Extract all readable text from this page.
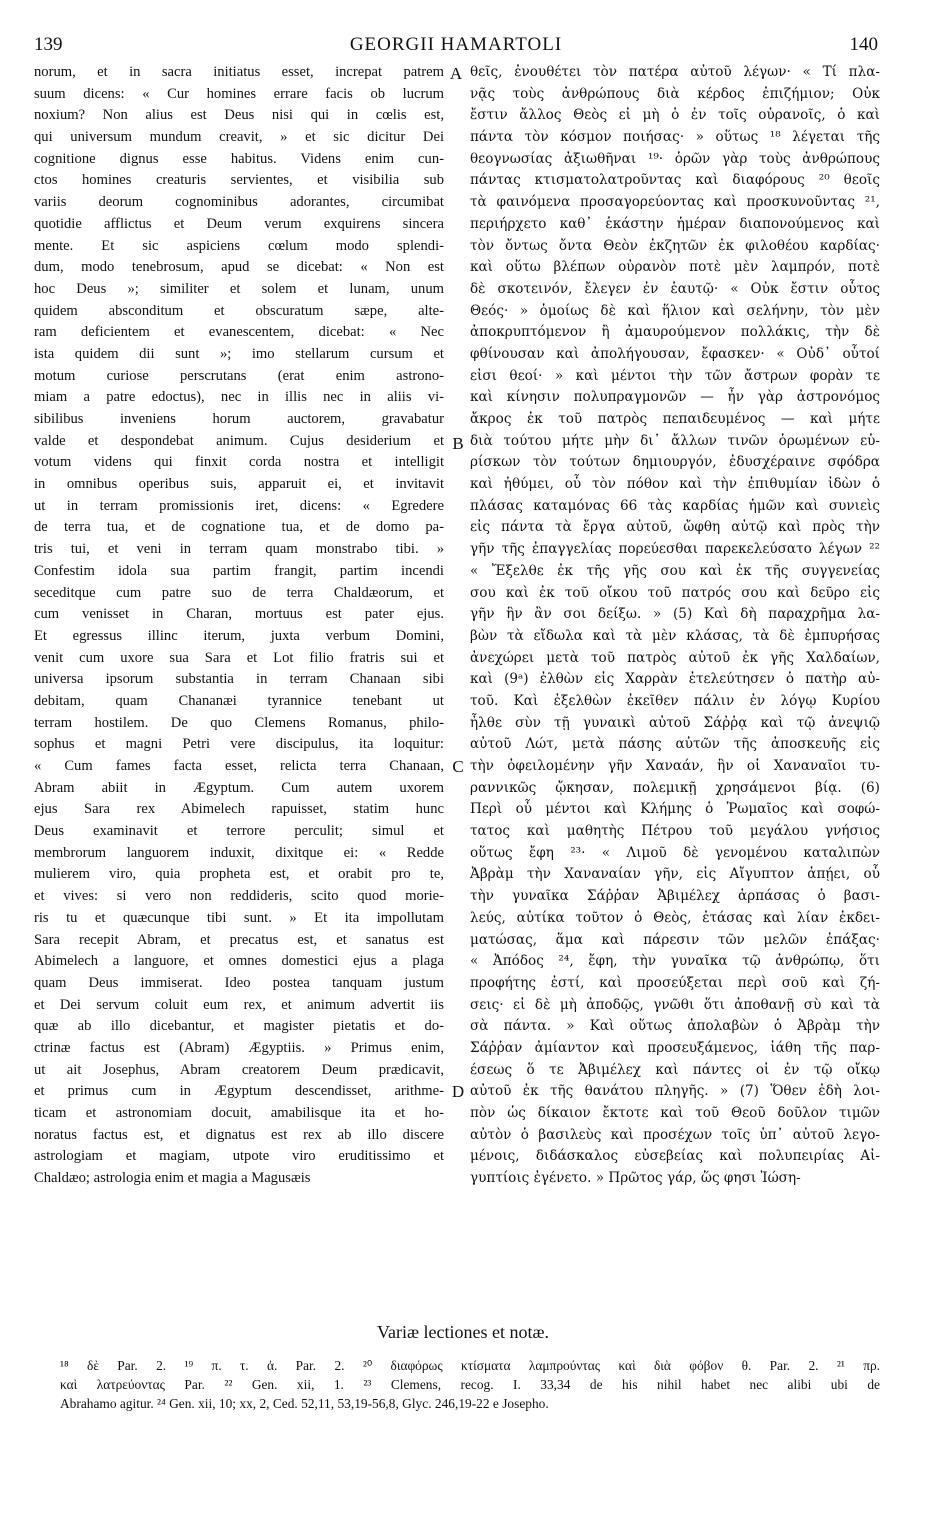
139	GEORGII HAMARTOLI	140
norum, et in sacra initiatus esset, increpat patrem
suum dicens: « Cur homines errare facis ob lucrum
noxium? Non alius est Deus nisi qui in cœlis est,
qui universum mundum creavit, » et sic dicitur Dei
cognitione dignus esse habitus. Videns enim cun-
ctos homines creaturis servientes, et visibilia sub
variis deorum cognominibus adorantes, circumibat
quotidie afflictus et Deum verum exquirens sincera
mente. Et sic aspiciens cœlum modo splendi-
dum, modo tenebrosum, apud se dicebat: « Non est
hoc Deus »; similiter et solem et lunam, unum
quidem absconditum et obscuratum sæpe, alte-
ram deficientem et evanescentem, dicebat: « Nec
ista quidem dii sunt »; imo stellarum cursum et
motum curiose perscrutans (erat enim astrono-
miam a patre edoctus), nec in illis nec in aliis vi-
sibilibus inveniens horum auctorem, gravabatur
valde et despondebat animum. Cujus desiderium et
votum videns qui finxit corda nostra et intelligit
in omnibus operibus suis, apparuit ei, et invitavit
ut in terram promissionis iret, dicens: « Egredere
de terra tua, et de cognatione tua, et de domo pa-
tris tui, et veni in terram quam monstrabo tibi. »
Confestim idola sua partim frangit, partim incendi
seceditque cum patre suo de terra Chaldæorum, et
cum venisset in Charan, mortuus est pater ejus.
Et egressus illinc iterum, juxta verbum Domini,
venit cum uxore sua Sara et Lot filio fratris sui et
universa ipsorum substantia in terram Chanaan sibi
debitam, quam Chananæi tyrannice tenebant ut
terram hostilem. De quo Clemens Romanus, philo-
sophus et magni Petri vere discipulus, ita loquitur:
« Cum fames facta esset, relicta terra Chanaan,
Abram abiit in Ægyptum. Cum autem uxorem
ejus Sara rex Abimelech rapuisset, statim hunc
Deus examinavit et terrore perculit; simul et
membrorum languorem induxit, dixitque ei: « Redde
mulierem viro, quia propheta est, et orabit pro te,
et vives: si vero non reddideris, scito quod morie-
ris tu et quæcunque tibi sunt. » Et ita impollutam
Sara recepit Abram, et precatus est, et sanatus est
Abimelech a languore, et omnes domestici ejus a plaga
quam Deus immiserat. Ideo postea tanquam justum
et Dei servum coluit eum rex, et animum advertit iis
quæ ab illo dicebantur, et magister pietatis et do-
ctrinæ factus est (Abram) Ægyptiis. » Primus enim,
ut ait Josephus, Abram creatorem Deum prædicavit,
et primus cum in Ægyptum descendisset, arithme-
ticam et astronomiam docuit, amabilisque ita et ho-
noratus factus est, et dignatus est rex ab illo discere
astrologiam et magiam, utpote viro eruditissimo et
Chaldæo; astrologia enim et magia a Magusæis
θεῖς, ἐνουθέτει τὸν πατέρα αὐτοῦ λέγων· « Τί πλα-
νᾷς τοὺς ἀνθρώπους διὰ κέρδος ἐπιζήμιον; Οὐκ
ἔστιν ἄλλος Θεὸς εἰ μὴ ὁ ἐν τοῖς οὐρανοῖς, ὁ καὶ
πάντα τὸν κόσμον ποιήσας· » οὕτως ¹⁸ λέγεται τῆς
θεογνωσίας ἀξιωθῆναι ¹⁹· ὁρῶν γὰρ τοὺς ἀνθρώπους
πάντας κτισματολατροῦντας καὶ διαφόρους ²⁰ θεοῖς
τὰ φαινόμενα προσαγορεύοντας καὶ προσκυνοῦντας ²¹,
περιήρχετο καθ᾿ ἑκάστην ἡμέραν διαπονούμενος καὶ
τὸν ὄντως ὄντα Θεὸν ἐκζητῶν ἐκ φιλοθέου καρδίας·
καὶ οὕτω βλέπων οὐρανὸν ποτὲ μὲν λαμπρόν, ποτὲ
δὲ σκοτεινόν, ἔλεγεν ἐν ἑαυτῷ· « Οὐκ ἔστιν οὗτος
Θεός· » ὁμοίως δὲ καὶ ἥλιον καὶ σελήνην, τὸν μὲν
ἀποκρυπτόμενον ἢ ἀμαυρούμενον πολλάκις, τὴν δὲ
φθίνουσαν καὶ ἀπολήγουσαν, ἔφασκεν· « Οὐδ᾿ οὗτοί
εἰσι θεοί· » καὶ μέντοι τὴν τῶν ἄστρων φορὰν τε
καὶ κίνησιν πολυπραγμονῶν — ἦν γὰρ ἀστρονόμος
ἄκρος ἐκ τοῦ πατρὸς πεπαιδευμένος — καὶ μήτε
διὰ τούτου μήτε μὴν δι᾿ ἄλλων τινῶν ὁρωμένων εὑ-
ρίσκων τὸν τούτων δημιουργόν, ἐδυσχέραινε σφόδρα
καὶ ἠθύμει, οὗ τὸν πόθον καὶ τὴν ἐπιθυμίαν ἰδὼν ὁ
πλάσας καταμόνας 66 τὰς καρδίας ἡμῶν καὶ συνιεὶς
εἰς πάντα τὰ ἔργα αὐτοῦ, ὤφθη αὐτῷ καὶ πρὸς τὴν
γῆν τῆς ἐπαγγελίας πορεύεσθαι παρεκελεύσατο λέγων ²²
« Ἔξελθε ἐκ τῆς γῆς σου καὶ ἐκ τῆς συγγενείας
σου καὶ ἐκ τοῦ οἴκου τοῦ πατρός σου καὶ δεῦρο εἰς
γῆν ἣν ἂν σοι δείξω. » (5) Καὶ δὴ παραχρῆμα λα-
βὼν τὰ εἴδωλα καὶ τὰ μὲν κλάσας, τὰ δὲ ἐμπυρήσας
ἀνεχώρει μετὰ τοῦ πατρὸς αὐτοῦ ἐκ γῆς Χαλδαίων,
καὶ (9ᵃ) ἐλθὼν εἰς Χαρρὰν ἐτελεύτησεν ὁ πατὴρ αὐ-
τοῦ. Καὶ ἐξελθὼν ἐκεῖθεν πάλιν ἐν λόγῳ Κυρίου
ἦλθε σὺν τῇ γυναικὶ αὐτοῦ Σάῤῥᾳ καὶ τῷ ἀνεψιῷ
αὐτοῦ Λώτ, μετὰ πάσης αὐτῶν τῆς ἀποσκευῆς εἰς
τὴν ὀφειλομένην γῆν Χαναάν, ἣν οἱ Χαναναῖοι τυ-
ραννικῶς ᾤκησαν, πολεμικῇ χρησάμενοι βίᾳ. (6)
Περὶ οὗ μέντοι καὶ Κλήμης ὁ Ῥωμαῖος καὶ σοφώ-
τατος καὶ μαθητὴς Πέτρου τοῦ μεγάλου γνήσιος
οὕτως ἔφη ²³· « Λιμοῦ δὲ γενομένου καταλιπὼν
Ἀβρὰμ τὴν Χαναναίαν γῆν, εἰς Αἴγυπτον ἀπῄει, οὗ
τὴν γυναῖκα Σάῤῥαν Ἀβιμέλεχ ἁρπάσας ὁ βασι-
λεύς, αὐτίκα τοῦτον ὁ Θεὸς, ἐτάσας καὶ λίαν ἐκδει-
ματώσας, ἅμα καὶ πάρεσιν τῶν μελῶν ἐπάξας·
« Ἀπόδος ²⁴, ἔφη, τὴν γυναῖκα τῷ ἀνθρώπῳ, ὅτι
προφήτης ἐστί, καὶ προσεύξεται περὶ σοῦ καὶ ζή-
σεις· εἰ δὲ μὴ ἀποδῷς, γνῶθι ὅτι ἀποθανῇ σὺ καὶ τὰ
σὰ πάντα. » Καὶ οὕτως ἀπολαβὼν ὁ Ἀβρὰμ τὴν
Σάῤῥαν ἀμίαντον καὶ προσευξάμενος, ἰάθη τῆς παρ-
έσεως ὅ τε Ἀβιμέλεχ καὶ πάντες οἱ ἐν τῷ οἴκῳ
αὐτοῦ ἐκ τῆς θανάτου πληγῆς. » (7) Ὅθεν ἐδὴ λοι-
πὸν ὡς δίκαιον ἔκτοτε καὶ τοῦ Θεοῦ δοῦλον τιμῶν
αὐτὸν ὁ βασιλεὺς καὶ προσέχων τοῖς ὑπ᾿ αὐτοῦ λεγο-
μένοις, διδάσκαλος εὐσεβείας καὶ πολυπειρίας Αἰ-
γυπτίοις ἐγένετο. » Πρῶτος γάρ, ὥς φησι Ἰώση-
A
B
C
D
Variæ lectiones et notæ.
¹⁸ δὲ Par. 2. ¹⁹ π. τ. ἀ. Par. 2. ²⁰ διαφόρως κτίσματα λαμπρούντας καὶ διὰ φόβον θ. Par. 2. ²¹ πρ.
καὶ λατρεύοντας Par. ²² Gen. xii, 1. ²³ Clemens, recog. I. 33,34 de his nihil habet nec alibi ubi de
Abrahamo agitur. ²⁴ Gen. xii, 10; xx, 2, Ced. 52,11, 53,19-56,8, Glyc. 246,19-22 e Josepho.
